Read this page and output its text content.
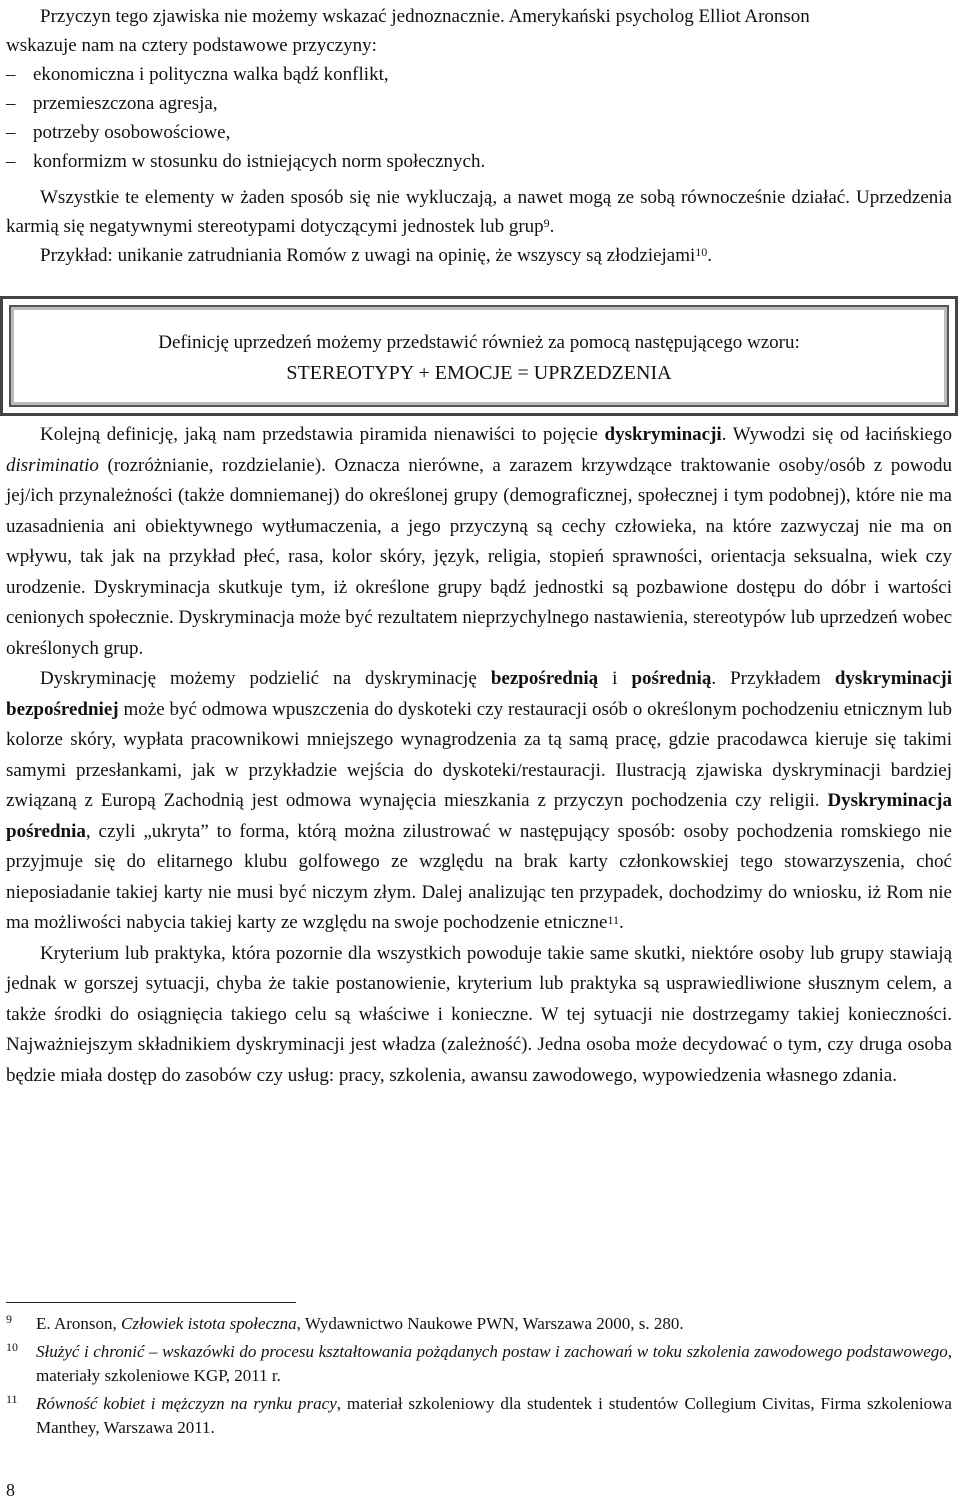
Przyczyn tego zjawiska nie możemy wskazać jednoznacznie. Amerykański psycholog Elliot Aronson

wskazuje nam na cztery podstawowe przyczyny:

– ekonomiczna i polityczna walka bądź konflikt,
– przemieszczona agresja,
– potrzeby osobowościowe,
– konformizm w stosunku do istniejących norm społecznych.

Wszystkie te elementy w żaden sposób się nie wykluczają, a nawet mogą ze sobą równocześnie działać. Uprzedzenia karmią się negatywnymi stereotypami dotyczącymi jednostek lub grup$^9$.

Przykład: unikanie zatrudniania Romów z uwagi na opinię, że wszyscy są złodziejami$^{10}$.

Definicję uprzedzeń możemy przedstawić również za pomocą następującego wzoru:
STEREOTYPY + EMOCJE = UPRZEDZENIA

Kolejną definicję, jaką nam przedstawia piramida nienawiści to pojęcie dyskryminacji. Wywodzi się od łacińskiego disriminatio (rozróżnianie, rozdzielanie). Oznacza nierówne, a zarazem krzywdzące traktowanie osoby/osób z powodu jej/ich przynależności (także domniemanej) do określonej grupy (demograficznej, społecznej i tym podobnej), które nie ma uzasadnienia ani obiektywnego wytłumaczenia, a jego przyczyną są cechy człowieka, na które zazwyczaj nie ma on wpływu, tak jak na przykład płeć, rasa, kolor skóry, język, religia, stopień sprawności, orientacja seksualna, wiek czy urodzenie. Dyskryminacja skutkuje tym, iż określone grupy bądź jednostki są pozbawione dostępu do dóbr i wartości cenionych społecznie. Dyskryminacja może być rezultatem nieprzychylnego nastawienia, stereotypów lub uprzedzeń wobec określonych grup.

Dyskryminację możemy podzielić na dyskryminację bezpośrednią i pośrednią. Przykładem dyskryminacji bezpośredniej może być odmowa wpuszczenia do dyskoteki czy restauracji osób o określonym pochodzeniu etnicznym lub kolorze skóry, wypłata pracownikowi mniejszego wynagrodzenia za tą samą pracę, gdzie pracodawca kieruje się takimi samymi przesłankami, jak w przykładzie wejścia do dyskoteki/restauracji. Ilustracją zjawiska dyskryminacji bardziej związaną z Europą Zachodnią jest odmowa wynajęcia mieszkania z przyczyn pochodzenia czy religii. Dyskryminacja pośrednia, czyli „ukryta” to forma, którą można zilustrować w następujący sposób: osoby pochodzenia romskiego nie przyjmuje się do elitarnego klubu golfowego ze względu na brak karty członkowskiej tego stowarzyszenia, choć nieposiadanie takiej karty nie musi być niczym złym. Dalej analizując ten przypadek, dochodzimy do wniosku, iż Rom nie ma możliwości nabycia takiej karty ze względu na swoje pochodzenie etniczne$^{11}$.

Kryterium lub praktyka, która pozornie dla wszystkich powoduje takie same skutki, niektóre osoby lub grupy stawiają jednak w gorszej sytuacji, chyba że takie postanowienie, kryterium lub praktyka są usprawiedliwione słusznym celem, a także środki do osiągnięcia takiego celu są właściwe i konieczne. W tej sytuacji nie dostrzegamy takiej konieczności. Najważniejszym składnikiem dyskryminacji jest władza (zależność). Jedna osoba może decydować o tym, czy druga osoba będzie miała dostęp do zasobów czy usług: pracy, szkolenia, awansu zawodowego, wypowiedzenia własnego zdania.

9 E. Aronson, Człowiek istota społeczna, Wydawnictwo Naukowe PWN, Warszawa 2000, s. 280.
10 Służyć i chronić – wskazówki do procesu kształtowania pożądanych postaw i zachowań w toku szkolenia zawodowego podstawowego, materiały szkoleniowe KGP, 2011 r.
11 Równość kobiet i mężczyzn na rynku pracy, materiał szkoleniowy dla studentek i studentów Collegium Civitas, Firma szkoleniowa Manthey, Warszawa 2011.
8
